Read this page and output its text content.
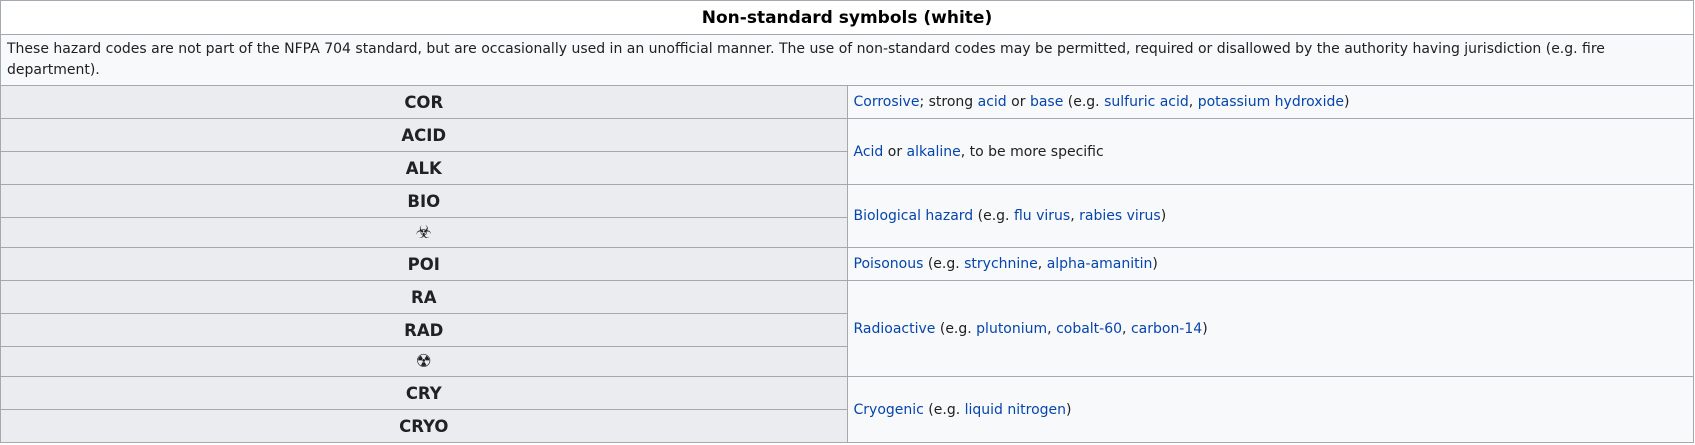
Non-standard symbols (white)	
These hazard codes are not part of the NFPA 704 standard, but are occasionally used in an unofficial manner. The use of non-standard codes may be permitted, required or disallowed by the authority having jurisdiction (e.g. fire department).	
COR	Corrosive; strong acid or base (e.g. sulfuric acid, potassium hydroxide)
ACID	Acid or alkaline, to be more specific
ALK	
BIO	Biological hazard (e.g. flu virus, rabies virus)
☣	
POI	Poisonous (e.g. strychnine, alpha-amanitin)
RA	Radioactive (e.g. plutonium, cobalt-60, carbon-14)
RAD	
☢	
CRY	Cryogenic (e.g. liquid nitrogen)
CRYO	
